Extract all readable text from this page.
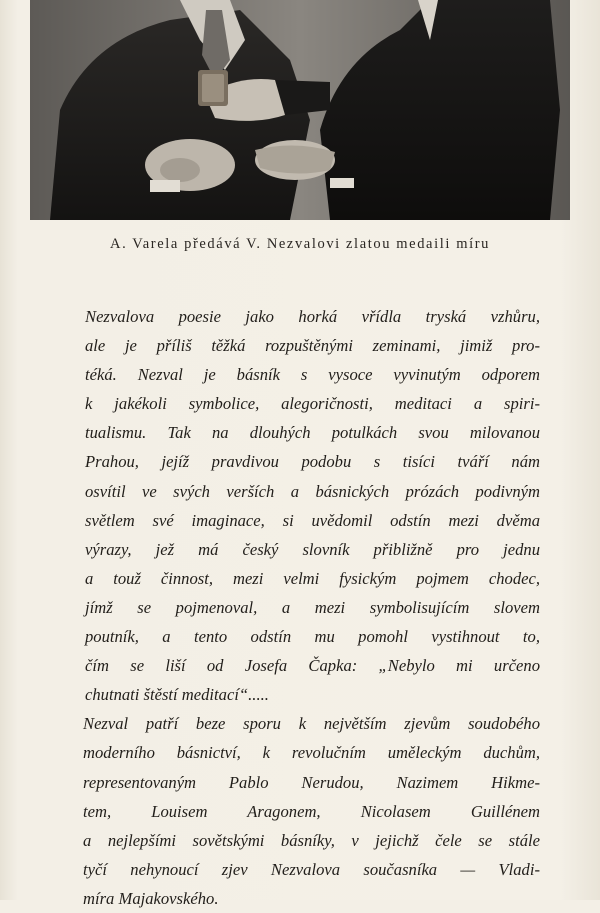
A. Varela předává V. Nezvalovi zlatou medaili míru
Nezvalova poesie jako horká vřídla tryská vzhůru,
ale je příliš těžká rozpuštěnými zeminami, jimiž pro-
téká. Nezval je básník s vysoce vyvinutým odporem
k jakékoli symbolice, alegoričnosti, meditaci a spiri-
tualismu. Tak na dlouhých potulkách svou milovanou
Prahou, jejíž pravdivou podobu s tisíci tváří nám
osvítil ve svých verších a básnických prózách podivným
světlem své imaginace, si uvědomil odstín mezi dvěma
výrazy, jež má český slovník přibližně pro jednu
a touž činnost, mezi velmi fysickým pojmem chodec,
jímž se pojmenoval, a mezi symbolisujícím slovem
poutník, a tento odstín mu pomohl vystihnout to,
čím se liší od Josefa Čapka: „Nebylo mi určeno
chutnati štěstí meditací“.....
Nezval patří beze sporu k největším zjevům soudobého
moderního básnictví, k revolučním uměleckým duchům,
representovaným Pablo Nerudou, Nazimem Hikme-
tem, Louisem Aragonem, Nicolasem Guillénem
a nejlepšími sovětskými básníky, v jejichž čele se stále
tyčí nehynoucí zjev Nezvalova současníka — Vladi-
míra Majakovského.
